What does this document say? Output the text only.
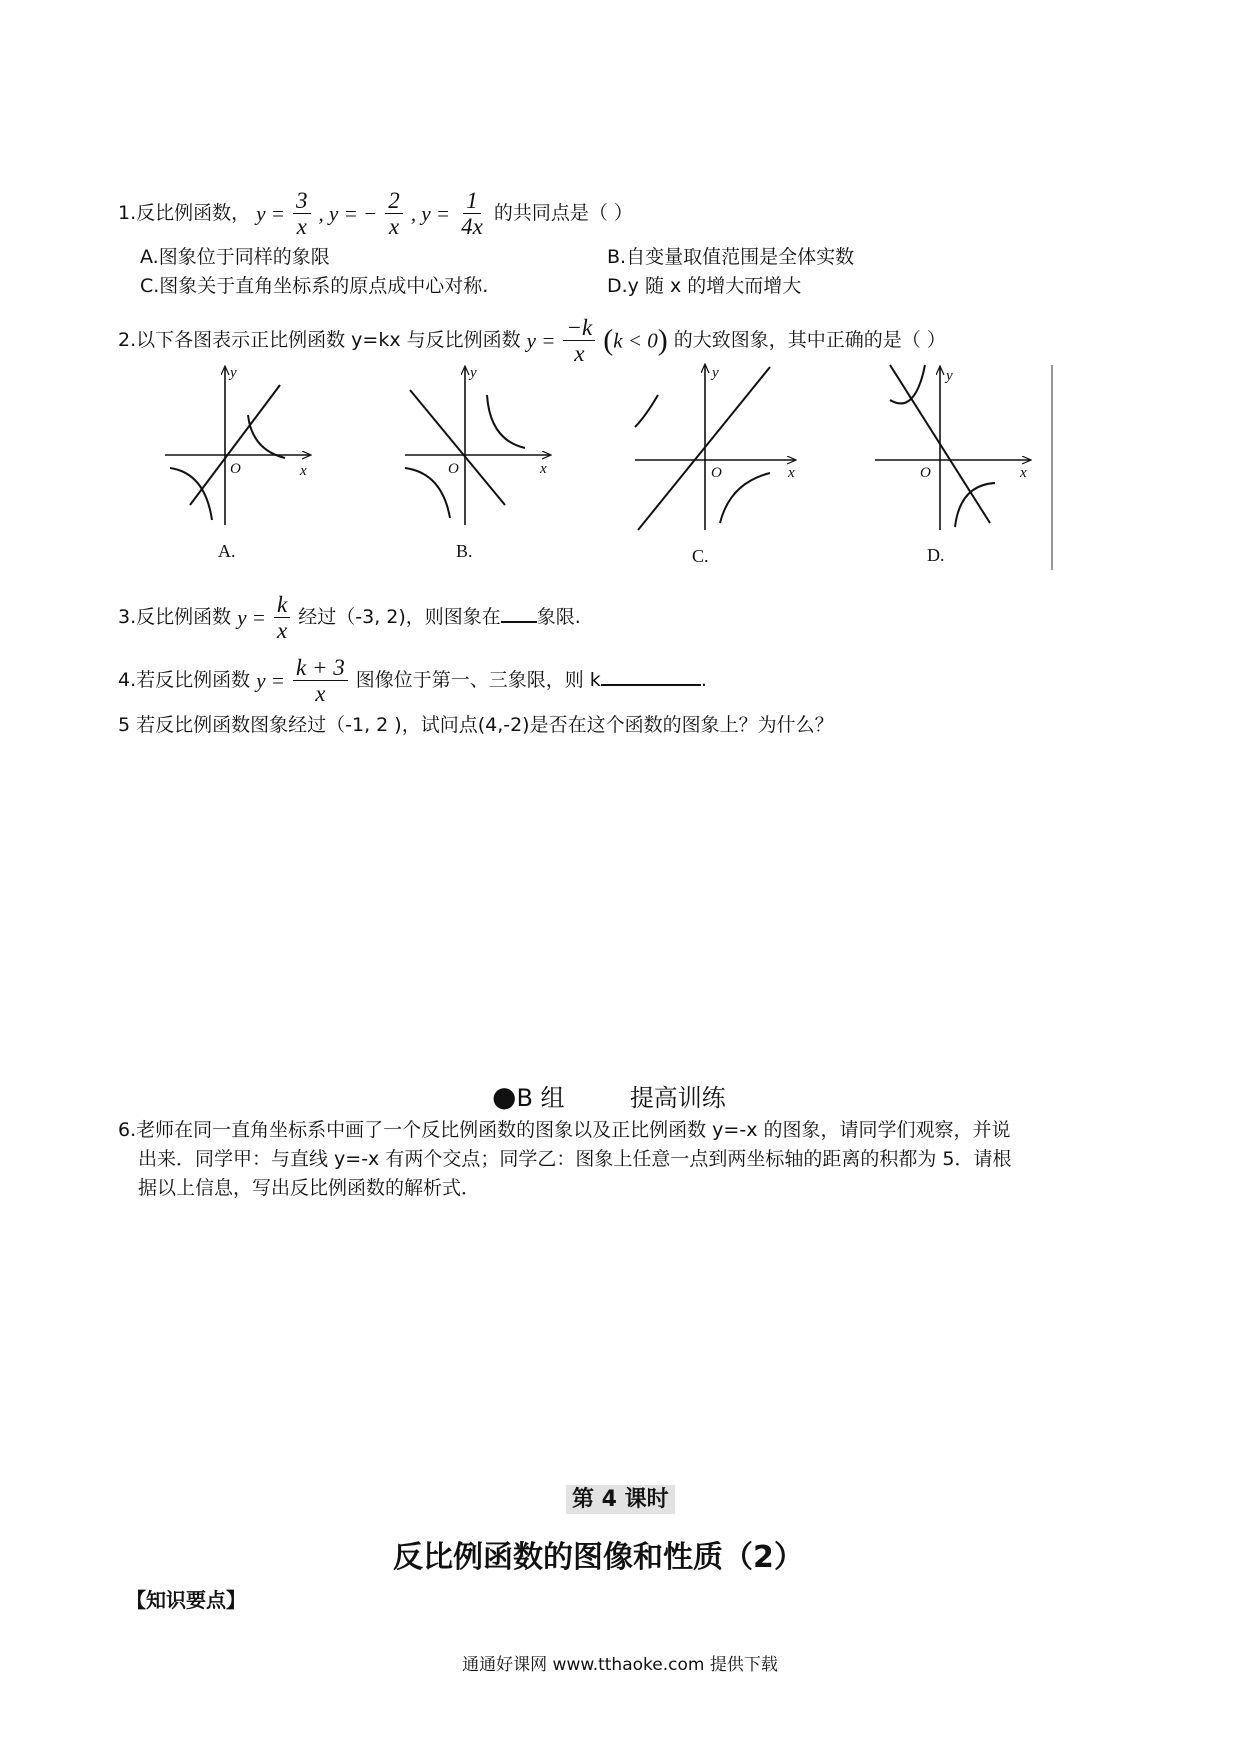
1.反比例函数， $y = \frac{3}{x}$ , y = − $\frac{2}{x}$ , $y = \frac{1}{4x}$ 的共同点是（ ）
A.图象位于同样的象限	B.自变量取值范围是全体实数
C.图象关于直角坐标系的原点成中心对称.	D.y 随 x 的增大而增大
2.以下各图表示正比例函数 y=kx 与反比例函数 $y = \frac{-k}{x} (k < 0)$ 的大致图象，其中正确的是（ ）
y
x
O
A.
y
x
O
B.
y
x
O
C.
y
x
O
D.
3.反比例函数 $y = \frac{k}{x}$ 经过（-3, 2)，则图象在 象限.
4.若反比例函数 $y = \frac{k + 3}{x}$ 图像位于第一、三象限，则 k	.
5 若反比例函数图象经过（-1, 2 )，试问点(4,-2)是否在这个函数的图象上？为什么？
●B 组	提高训练
6.老师在同一直角坐标系中画了一个反比例函数的图象以及正比例函数 y=-x 的图象，请同学们观察，并说
出来．同学甲：与直线 y=-x 有两个交点；同学乙：图象上任意一点到两坐标轴的距离的积都为 5．请根
据以上信息，写出反比例函数的解析式．
第 4 课时
反比例函数的图像和性质（2）
【知识要点】
通通好课网 www.tthaoke.com 提供下载
